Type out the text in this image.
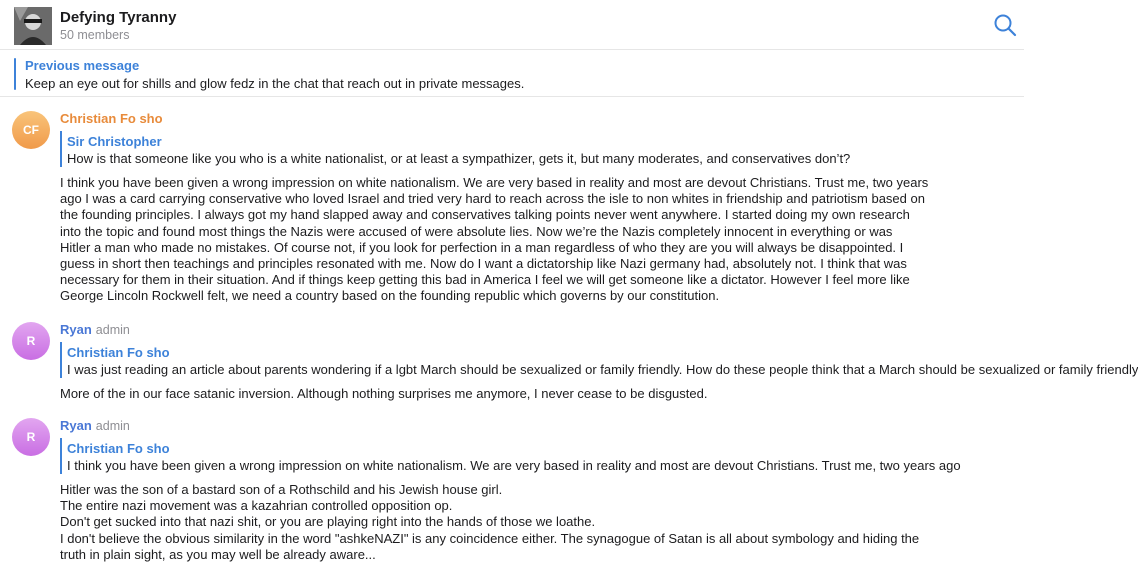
Defying Tyranny
50 members
Previous message
Keep an eye out for shills and glow fedz in the chat that reach out in private messages.
CF
Christian Fo sho
Sir Christopher
How is that someone like you who is a white nationalist, or at least a sympathizer, gets it, but many moderates, and conservatives don’t?
I think you have been given a wrong impression on white nationalism. We are very based in reality and most are devout Christians. Trust me, two years
ago I was a card carrying conservative who loved Israel and tried very hard to reach across the isle to non whites in friendship and patriotism based on
the founding principles. I always got my hand slapped away and conservatives talking points never went anywhere. I started doing my own research
into the topic and found most things the Nazis were accused of were absolute lies. Now we’re the Nazis completely innocent in everything or was
Hitler a man who made no mistakes. Of course not, if you look for perfection in a man regardless of who they are you will always be disappointed. I
guess in short then teachings and principles resonated with me. Now do I want a dictatorship like Nazi germany had, absolutely not. I think that was
necessary for them in their situation. And if things keep getting this bad in America I feel we will get someone like a dictator. However I feel more like
George Lincoln Rockwell felt, we need a country based on the founding republic which governs by our constitution.
R
Ryan admin
Christian Fo sho
I was just reading an article about parents wondering if a lgbt March should be sexualized or family friendly. How do these people think that a March should be sexualized or family friendly
More of the in our face satanic inversion. Although nothing surprises me anymore, I never cease to be disgusted.
R
Ryan admin
Christian Fo sho
I think you have been given a wrong impression on white nationalism. We are very based in reality and most are devout Christians. Trust me, two years ago
Hitler was the son of a bastard son of a Rothschild and his Jewish house girl.
The entire nazi movement was a kazahrian controlled opposition op.
Don't get sucked into that nazi shit, or you are playing right into the hands of those we loathe.
I don't believe the obvious similarity in the word "ashkeNAZI" is any coincidence either. The synagogue of Satan is all about symbology and hiding the
truth in plain sight, as you may well be already aware...
